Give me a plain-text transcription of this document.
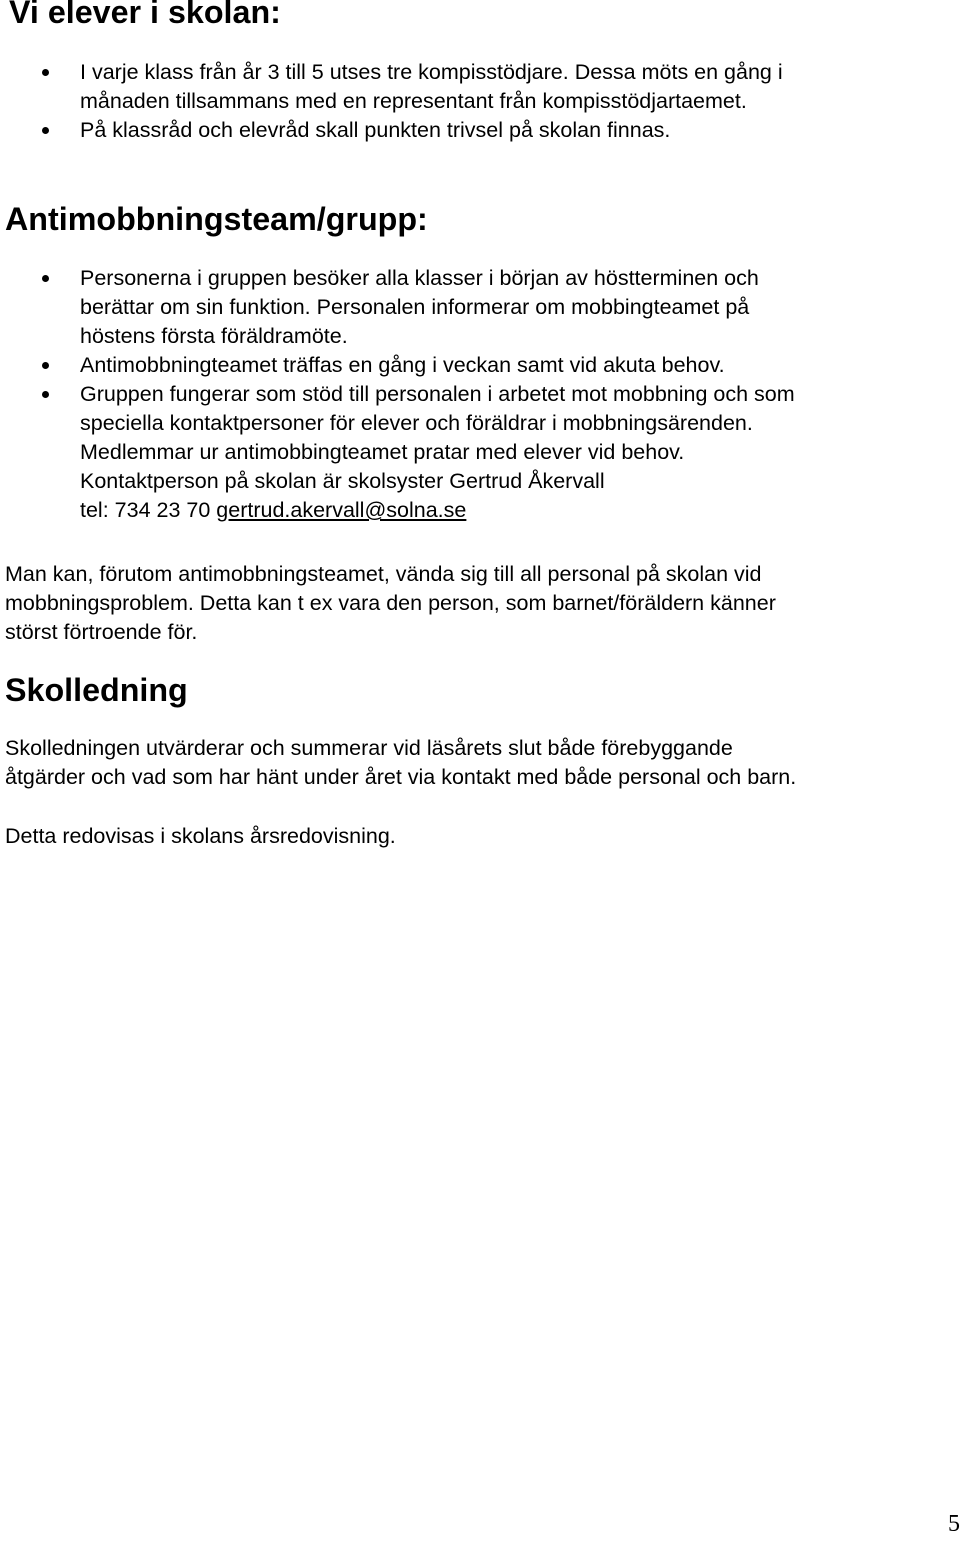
Vi elever i skolan:
I varje klass från år 3 till 5 utses tre kompisstödjare. Dessa möts en gång i
månaden tillsammans med en representant från kompisstödjartaemet.
På klassråd och elevråd skall punkten trivsel på skolan finnas.
Antimobbningsteam/grupp:
Personerna i gruppen besöker alla klasser i början av höstterminen och
berättar om sin funktion. Personalen informerar om mobbingteamet på
höstens första föräldramöte.
Antimobbningteamet träffas en gång i veckan samt vid akuta behov.
Gruppen fungerar som stöd till personalen i arbetet mot mobbning och som
speciella kontaktpersoner för elever och föräldrar i mobbningsärenden.
Medlemmar ur antimobbingteamet pratar med elever vid behov.
Kontaktperson på skolan är skolsyster Gertrud Åkervall
tel: 734 23 70 gertrud.akervall@solna.se

Man kan, förutom antimobbningsteamet, vända sig till all personal på skolan vid
mobbningsproblem. Detta kan t ex vara den person, som barnet/föräldern känner
störst förtroende för.

Skolledning

Skolledningen utvärderar och summerar vid läsårets slut både förebyggande
åtgärder och vad som har hänt under året via kontakt med både personal och barn.

Detta redovisas i skolans årsredovisning.

5
